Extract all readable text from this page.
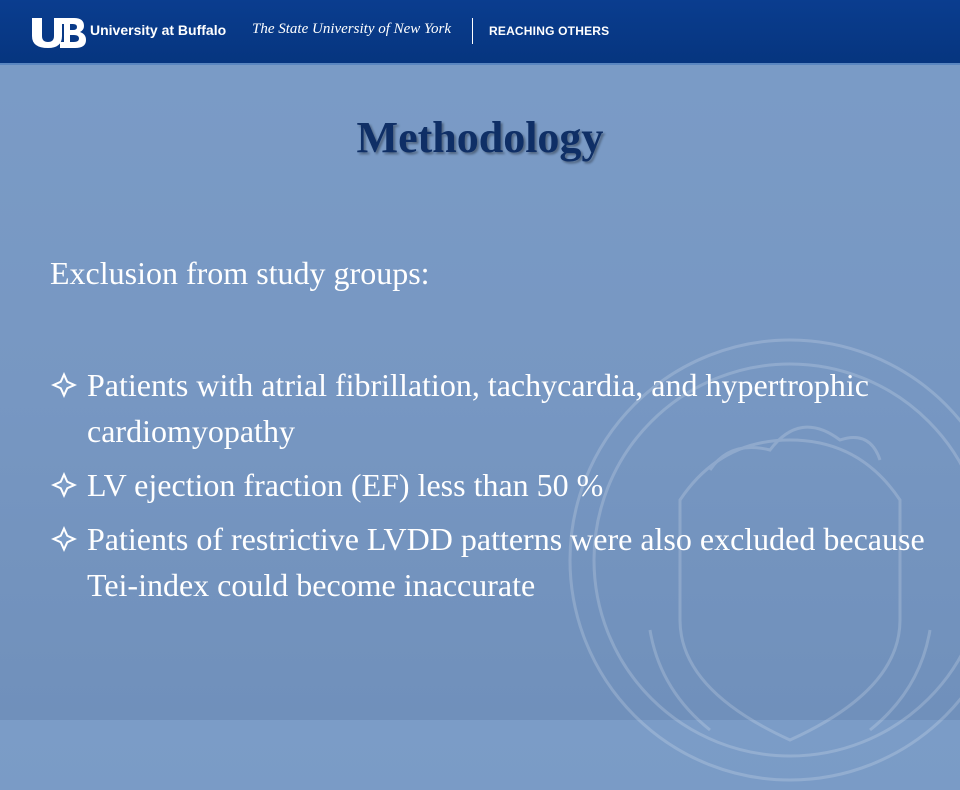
University at Buffalo The State University of New York	REACHING OTHERS
Methodology
Exclusion from study groups:
Patients with atrial fibrillation, tachycardia, and hypertrophic cardiomyopathy
LV ejection fraction (EF) less than 50 %
Patients of restrictive LVDD patterns were also excluded because Tei-index could become inaccurate
